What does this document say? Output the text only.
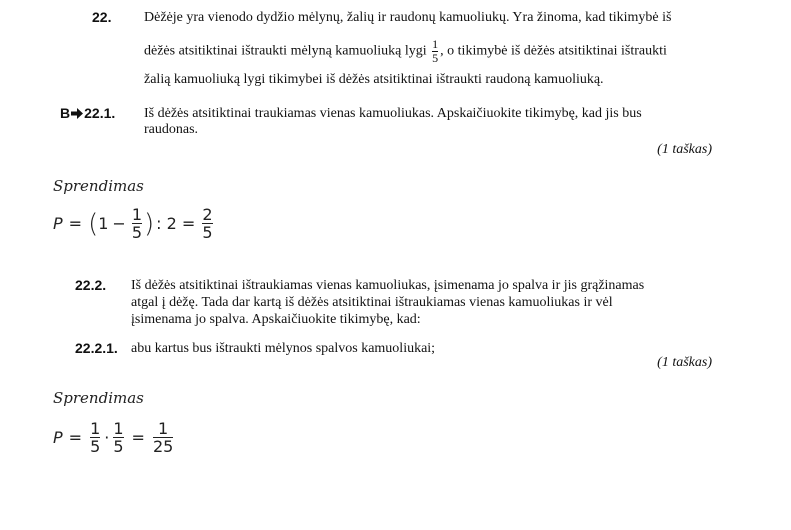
22. Dėžėje yra vienodo dydžio mėlynų, žalių ir raudonų kamuoliukų. Yra žinoma, kad tikimybė iš
dėžės atsitiktinai ištraukti mėlyną kamuoliuką lygi $\frac{1}{5}$ , o tikimybė iš dėžės atsitiktinai ištraukti
žalią kamuoliuką lygi tikimybei iš dėžės atsitiktinai ištraukti raudoną kamuoliuką.
B 22.1. Iš dėžės atsitiktinai traukiamas vienas kamuoliukas. Apskaičiuokite tikimybę, kad jis bus
raudonas.
(1 taškas)
Sprendimas
P = ( $1 - \frac{1}{5}$ ) : $2 = \frac{2}{5}$
22.2. Iš dėžės atsitiktinai ištraukiamas vienas kamuoliukas, įsimenama jo spalva ir jis grąžinamas
atgal į dėžę. Tada dar kartą iš dėžės atsitiktinai ištraukiamas vienas kamuoliukas ir vėl
įsimenama jo spalva. Apskaičiuokite tikimybę, kad:
22.2.1. abu kartus bus ištraukti mėlynos spalvos kamuoliukai;
(1 taškas)
Sprendimas
$P = \frac{1}{5} \cdot \frac{1}{5} = \frac{1}{25}$
